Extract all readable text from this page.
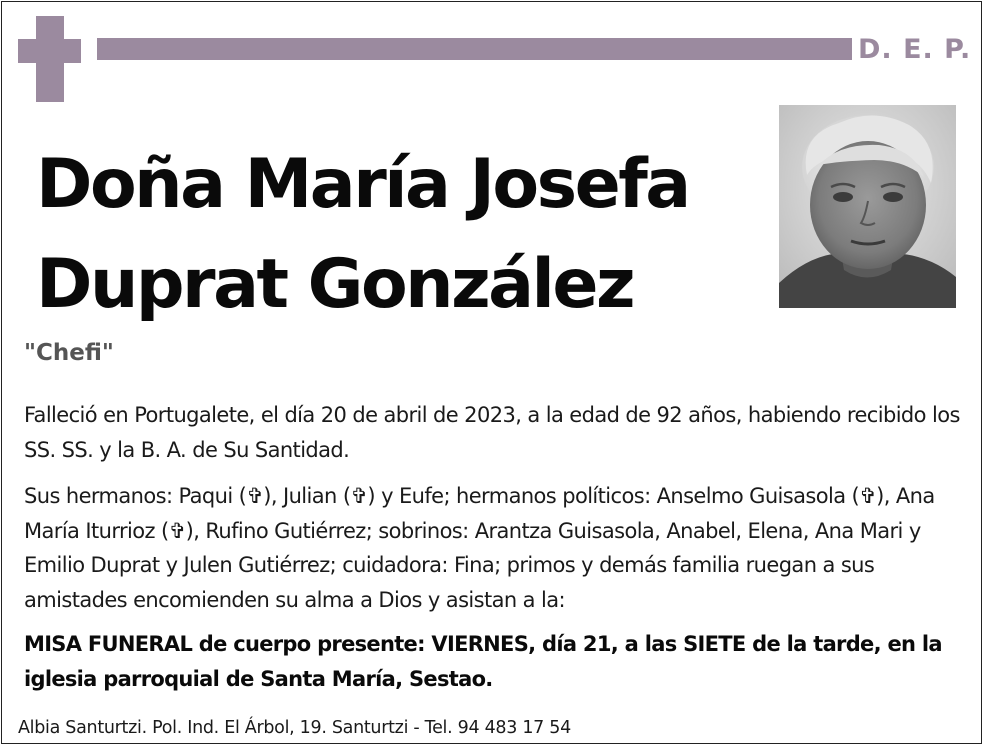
D. E. P.
Doña María Josefa
Duprat González
"Chefi"

Falleció en Portugalete, el día 20 de abril de 2023, a la edad de 92 años, habiendo recibido los SS. SS. y la B. A. de Su Santidad.

Sus hermanos: Paqui (✞), Julian (✞) y Eufe; hermanos políticos: Anselmo Guisasola (✞), Ana María Iturrioz (✞), Rufino Gutiérrez; sobrinos: Arantza Guisasola, Anabel, Elena, Ana Mari y Emilio Duprat y Julen Gutiérrez; cuidadora: Fina; primos y demás familia ruegan a sus amistades encomienden su alma a Dios y asistan a la:

MISA FUNERAL de cuerpo presente: VIERNES, día 21, a las SIETE de la tarde, en la iglesia parroquial de Santa María, Sestao.

Albia Santurtzi. Pol. Ind. El Árbol, 19. Santurtzi - Tel. 94 483 17 54
